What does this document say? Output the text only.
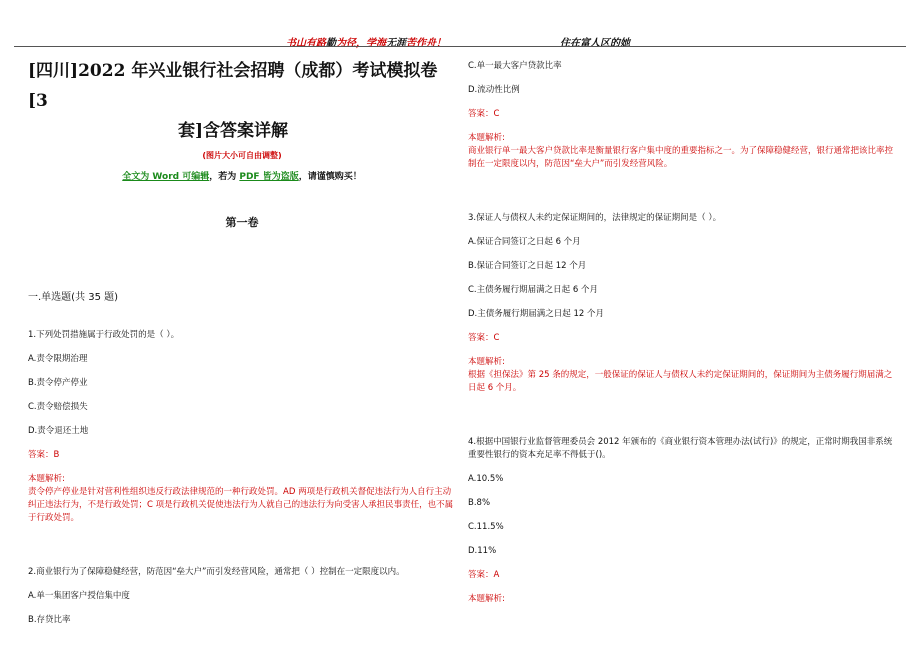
书山有路勤为径，学海无涯苦作舟！	住在富人区的她
[四川]2022 年兴业银行社会招聘（成都）考试模拟卷[3
套]含答案详解
(图片大小可自由调整)
全文为 Word 可编辑，若为 PDF 皆为盗版，请谨慎购买！
第一卷
一.单选题(共 35 题)
1.下列处罚措施属于行政处罚的是（ ）。
A.责令限期治理
B.责令停产停业
C.责令赔偿损失
D.责令退还土地
答案：B
本题解析:
责令停产停业是针对营利性组织违反行政法律规范的一种行政处罚。AD 两项是行政机关督促违法行为人自行主动纠正违法行为，不是行政处罚；C 项是行政机关促使违法行为人就自己的违法行为向受害人承担民事责任，也不属于行政处罚。
2.商业银行为了保障稳健经营，防范因“垒大户”而引发经营风险，通常把（ ）控制在一定限度以内。
A.单一集团客户授信集中度
B.存贷比率
C.单一最大客户贷款比率
D.流动性比例
答案：C
本题解析:
商业银行单一最大客户贷款比率是衡量银行客户集中度的重要指标之一。为了保障稳健经营，银行通常把该比率控制在一定限度以内，防范因“垒大户”而引发经营风险。
3.保证人与债权人未约定保证期间的，法律规定的保证期间是（ ）。
A.保证合同签订之日起 6 个月
B.保证合同签订之日起 12 个月
C.主债务履行期届满之日起 6 个月
D.主债务履行期届满之日起 12 个月
答案：C
本题解析:
根据《担保法》第 25 条的规定，一般保证的保证人与债权人未约定保证期间的，保证期间为主债务履行期届满之日起 6 个月。
4.根据中国银行业监督管理委员会 2012 年颁布的《商业银行资本管理办法(试行)》的规定，正常时期我国非系统重要性银行的资本充足率不得低于()。
A.10.5%
B.8%
C.11.5%
D.11%
答案：A
本题解析:
